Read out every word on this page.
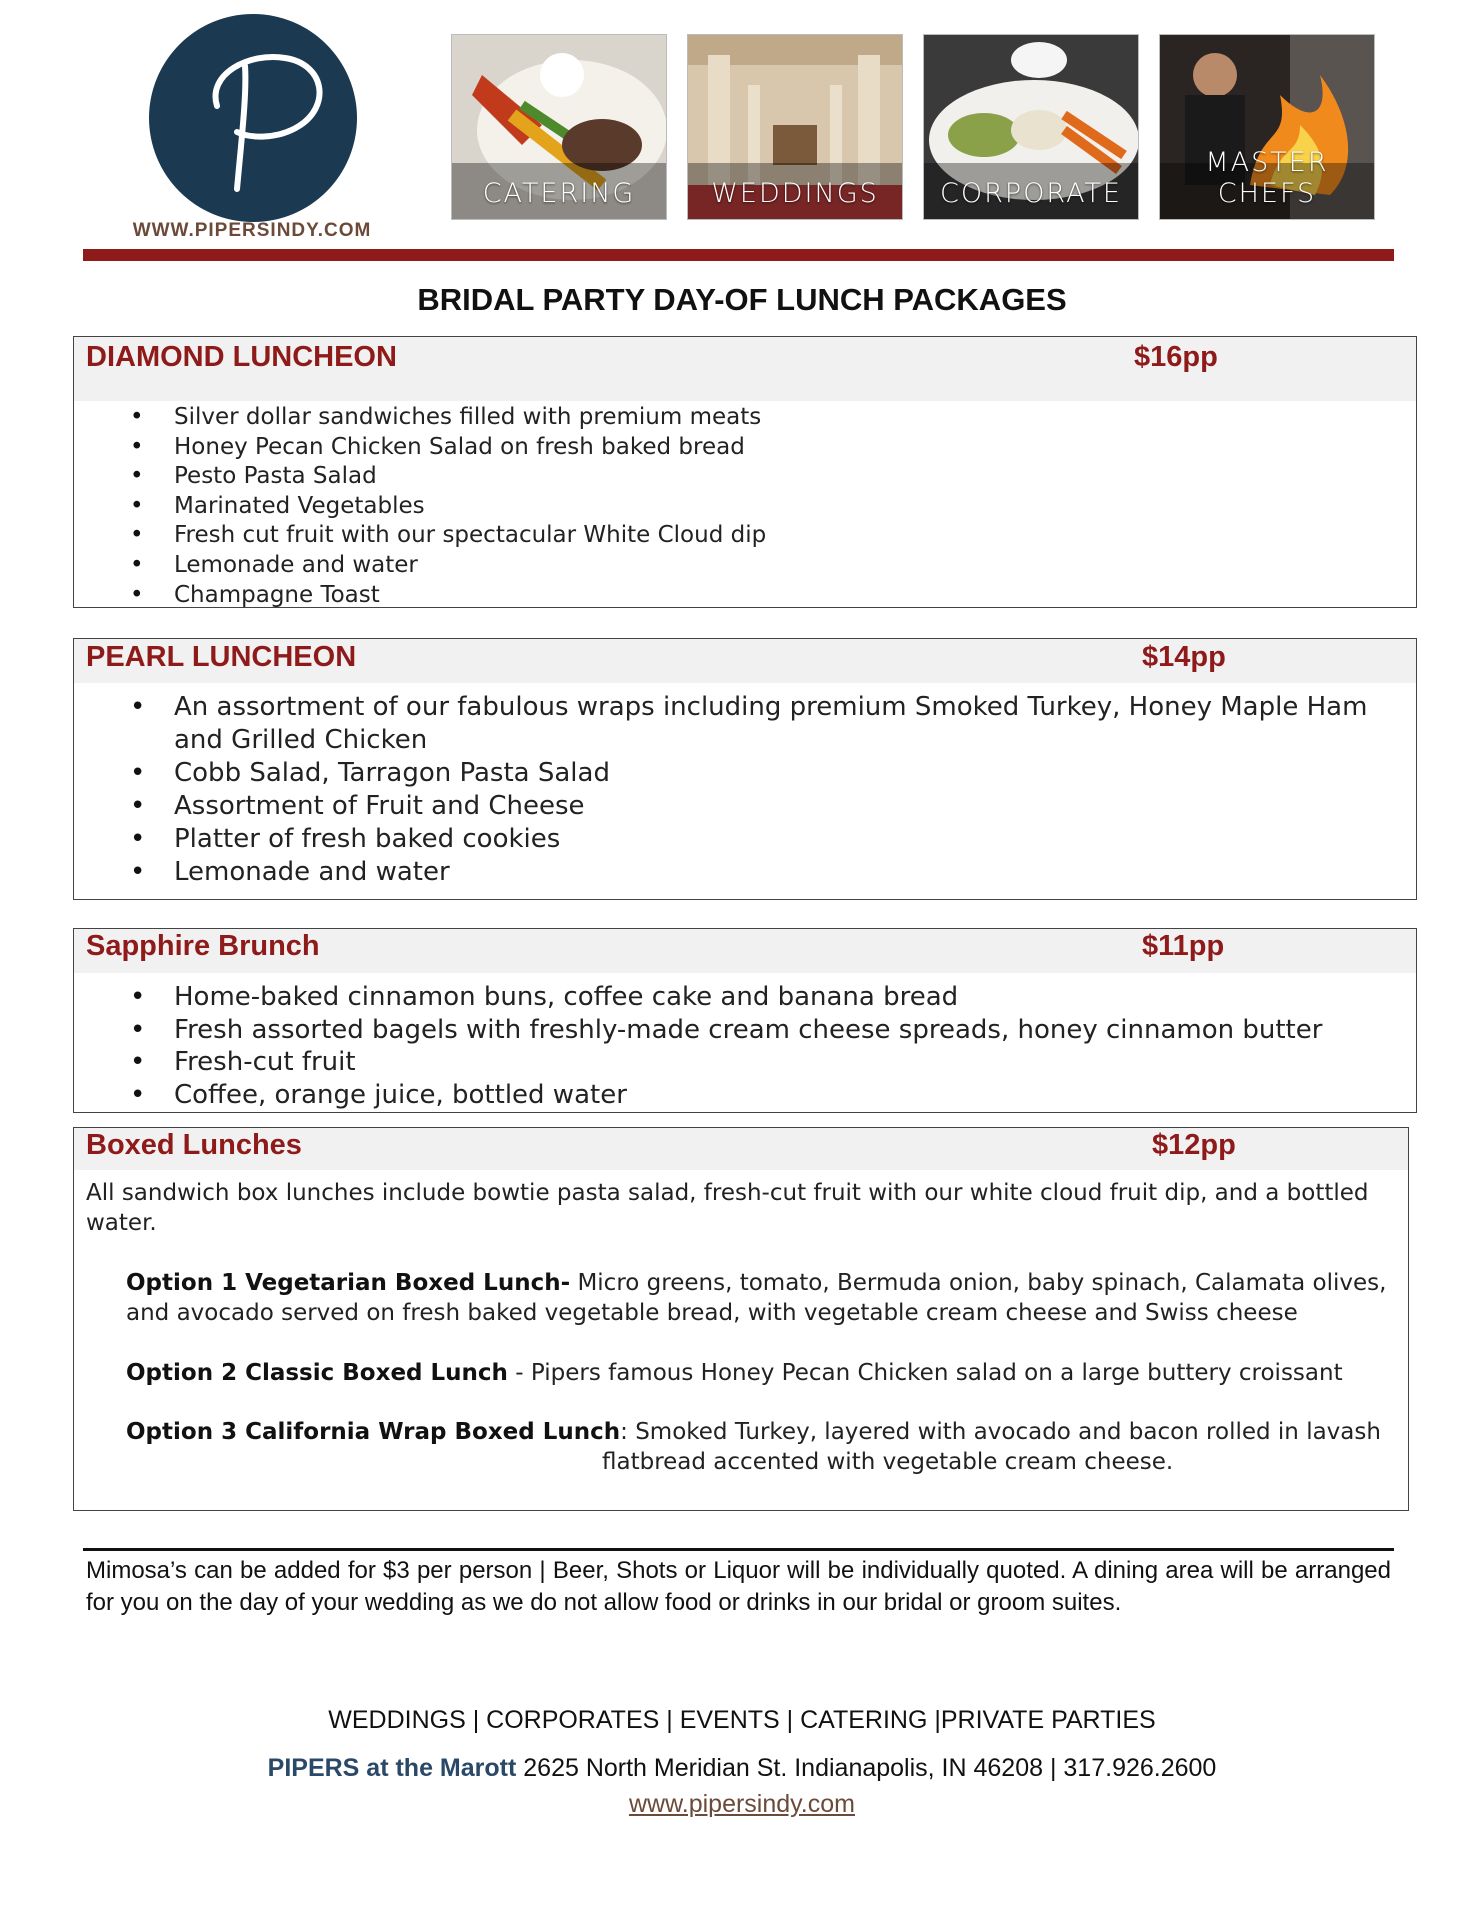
WWW.PIPERSINDY.COM
CATERING	WEDDINGS	CORPORATE
MASTER CHEFS
BRIDAL PARTY DAY-OF LUNCH PACKAGES
DIAMOND LUNCHEON	$16pp
• Silver dollar sandwiches filled with premium meats
• Honey Pecan Chicken Salad on fresh baked bread
• Pesto Pasta Salad
• Marinated Vegetables
• Fresh cut fruit with our spectacular White Cloud dip
• Lemonade and water
• Champagne Toast
PEARL LUNCHEON	$14pp
• An assortment of our fabulous wraps including premium Smoked Turkey, Honey Maple Ham and Grilled Chicken
• Cobb Salad, Tarragon Pasta Salad
• Assortment of Fruit and Cheese
• Platter of fresh baked cookies
• Lemonade and water
Sapphire Brunch	$11pp
• Home-baked cinnamon buns, coffee cake and banana bread
• Fresh assorted bagels with freshly-made cream cheese spreads, honey cinnamon butter
• Fresh-cut fruit
• Coffee, orange juice, bottled water
Boxed Lunches	$12pp
All sandwich box lunches include bowtie pasta salad, fresh-cut fruit with our white cloud fruit dip, and a bottled water.
Option 1 Vegetarian Boxed Lunch- Micro greens, tomato, Bermuda onion, baby spinach, Calamata olives, and avocado served on fresh baked vegetable bread, with vegetable cream cheese and Swiss cheese
Option 2 Classic Boxed Lunch - Pipers famous Honey Pecan Chicken salad on a large buttery croissant
Option 3 California Wrap Boxed Lunch: Smoked Turkey, layered with avocado and bacon rolled in lavash
flatbread accented with vegetable cream cheese.
Mimosa’s can be added for $3 per person | Beer, Shots or Liquor will be individually quoted. A dining area will be arranged for you on the day of your wedding as we do not allow food or drinks in our bridal or groom suites.
WEDDINGS | CORPORATES | EVENTS | CATERING |PRIVATE PARTIES
PIPERS at the Marott 2625 North Meridian St. Indianapolis, IN 46208 | 317.926.2600
www.pipersindy.com
